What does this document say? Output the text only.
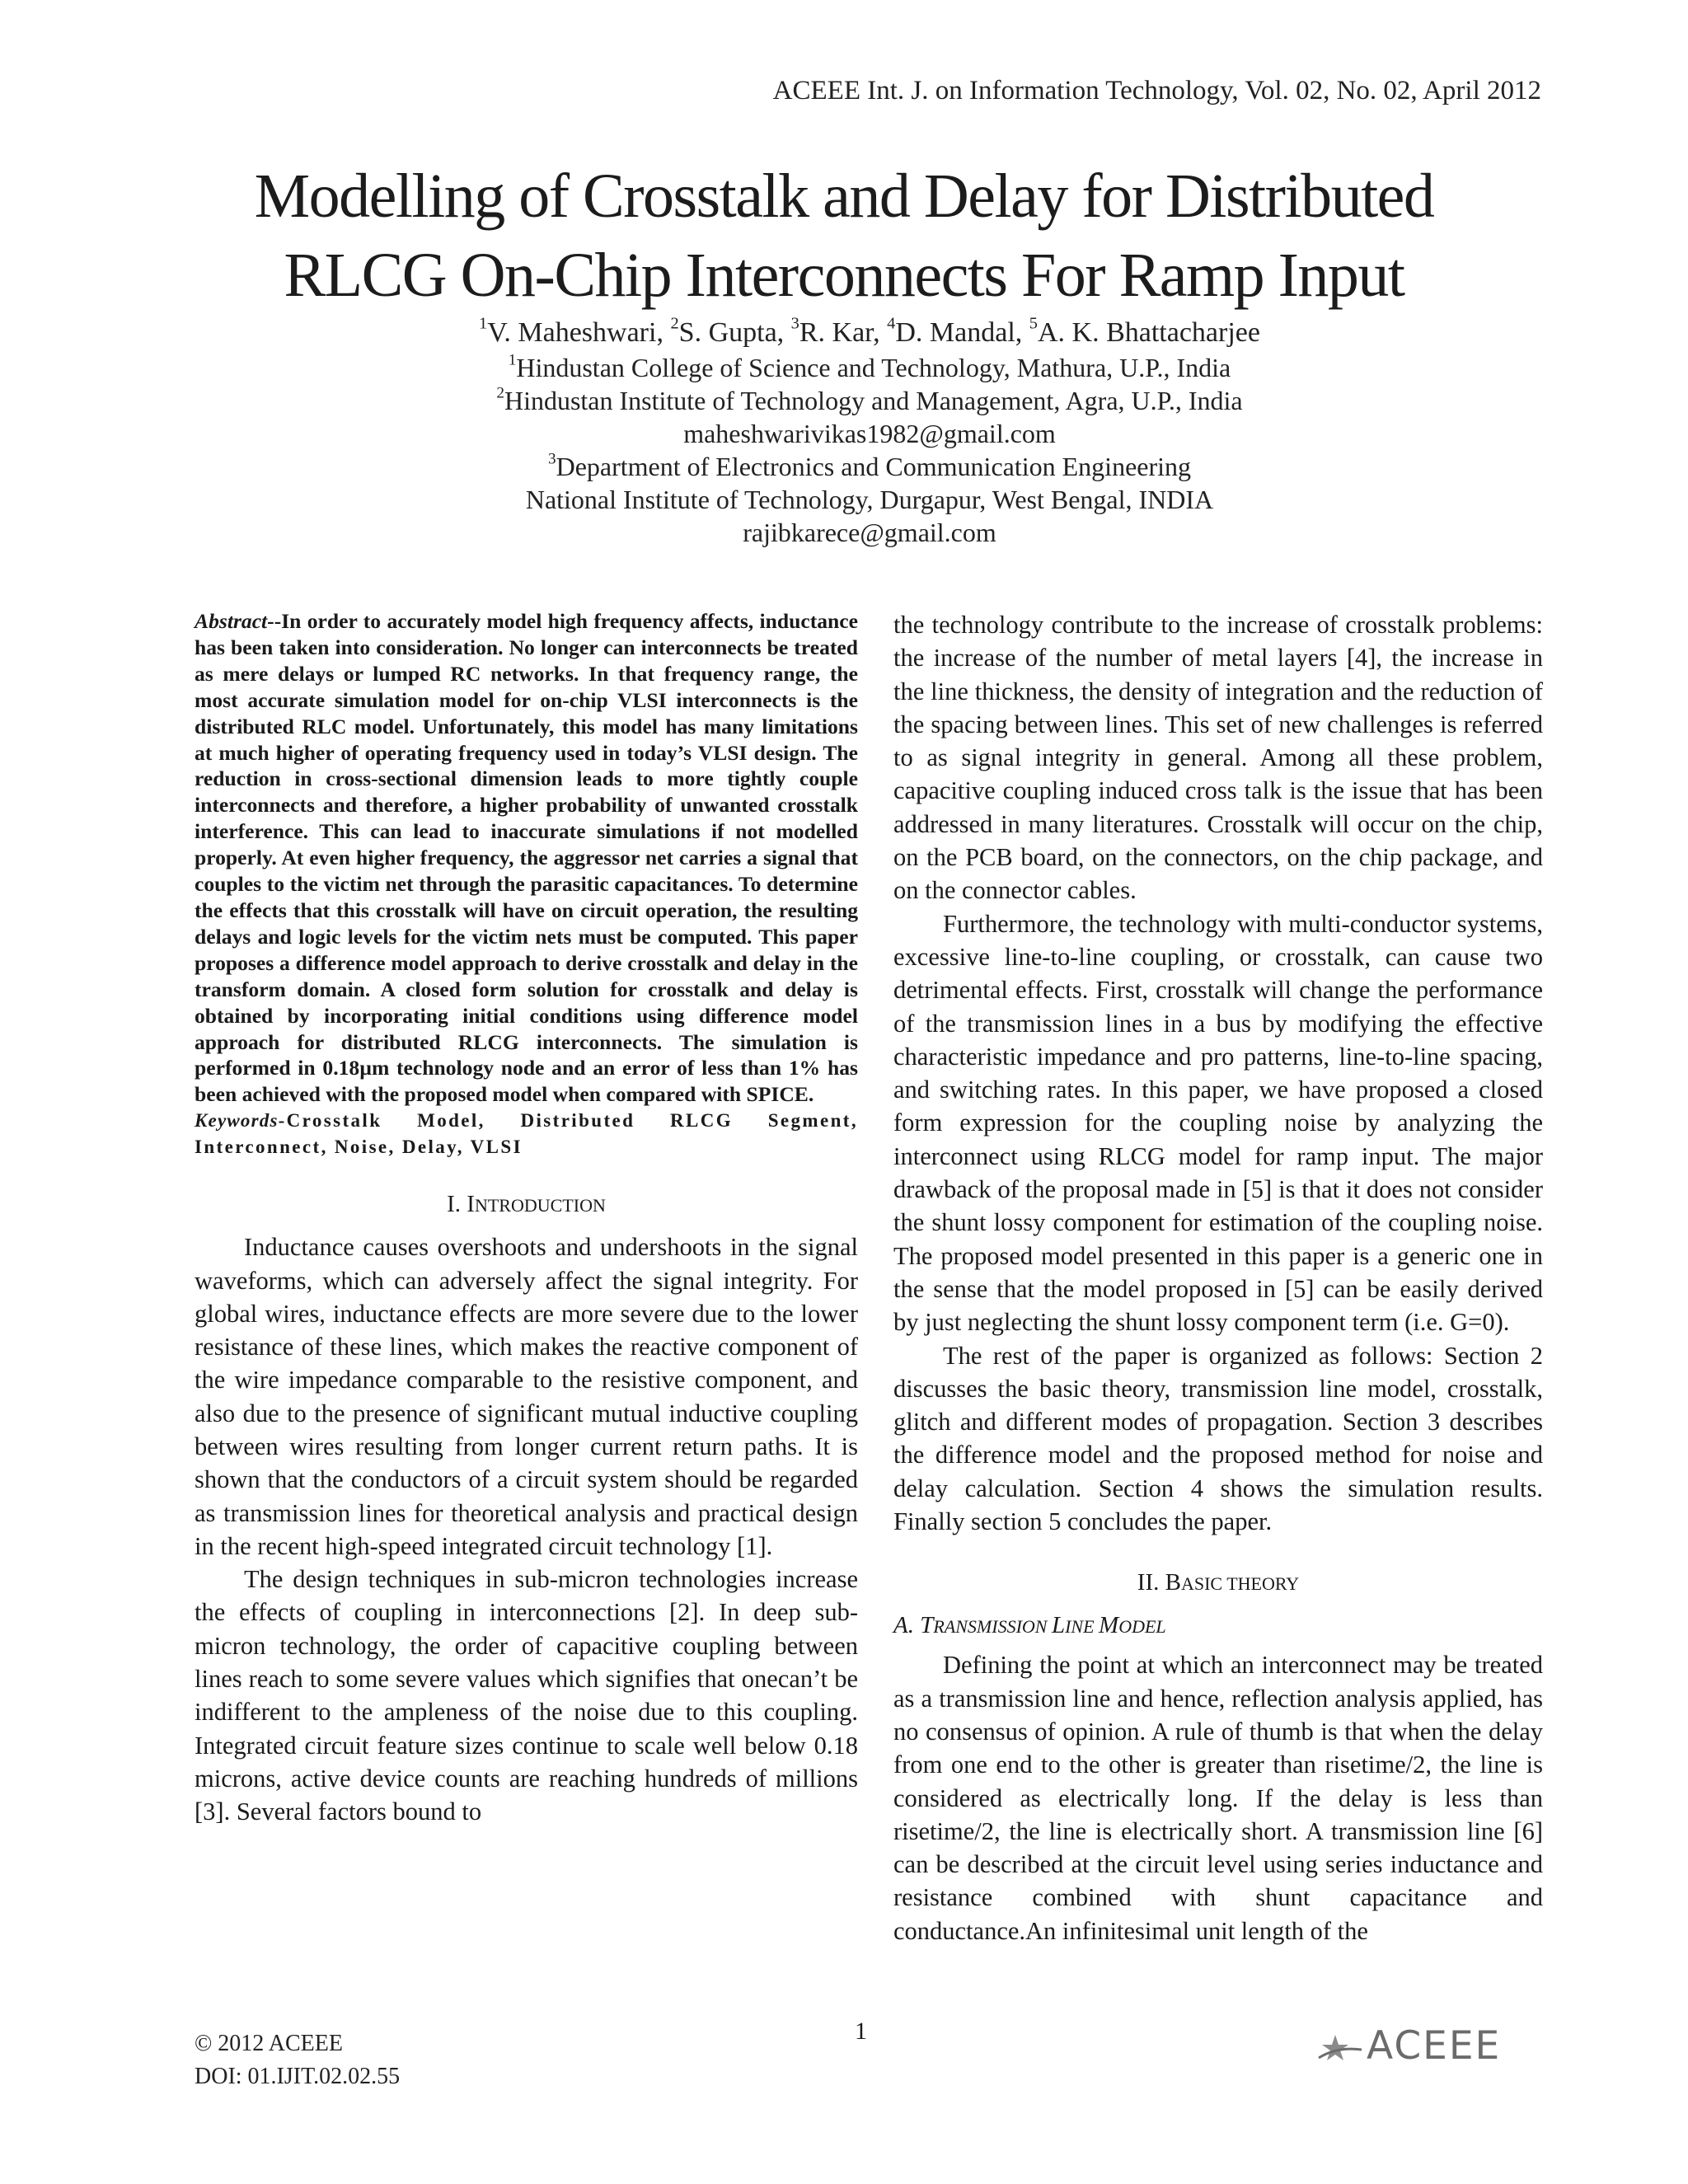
ACEEE Int. J. on Information Technology, Vol. 02, No. 02, April 2012
Modelling of Crosstalk and Delay for Distributed
RLCG On-Chip Interconnects For Ramp Input
$^1$V. Maheshwari, $^2$S. Gupta, $^3$R. Kar, $^4$D. Mandal, $^5$A. K. Bhattacharjee
$^1$Hindustan College of Science and Technology, Mathura, U.P., India
$^2$Hindustan Institute of Technology and Management, Agra, U.P., India
maheshwarivikas1982@gmail.com
$^3$Department of Electronics and Communication Engineering
National Institute of Technology, Durgapur, West Bengal, INDIA
rajibkarece@gmail.com

Abstract--In order to accurately model high frequency affects, inductance has been taken into consideration. No longer can interconnects be treated as mere delays or lumped RC networks. In that frequency range, the most accurate simulation model for on-chip VLSI interconnects is the distributed RLC model. Unfortunately, this model has many limitations at much higher of operating frequency used in today’s VLSI design. The reduction in cross-sectional dimension leads to more tightly couple interconnects and therefore, a higher probability of unwanted crosstalk interference. This can lead to inaccurate simulations if not modelled properly. At even higher frequency, the aggressor net carries a signal that couples to the victim net through the parasitic capacitances. To determine the effects that this crosstalk will have on circuit operation, the resulting delays and logic levels for the victim nets must be computed. This paper proposes a difference model approach to derive crosstalk and delay in the transform domain. A closed form solution for crosstalk and delay is obtained by incorporating initial conditions using difference model approach for distributed RLCG interconnects. The simulation is performed in 0.18µm technology node and an error of less than 1% has been achieved with the proposed model when compared with SPICE.

Keywords-Crosstalk Model, Distributed RLCG Segment, Interconnect, Noise, Delay, VLSI

I. INTRODUCTION

Inductance causes overshoots and undershoots in the signal waveforms, which can adversely affect the signal integrity. For global wires, inductance effects are more severe due to the lower resistance of these lines, which makes the reactive component of the wire impedance comparable to the resistive component, and also due to the presence of significant mutual inductive coupling between wires resulting from longer current return paths. It is shown that the conductors of a circuit system should be regarded as transmission lines for theoretical analysis and practical design in the recent high-speed integrated circuit technology [1].

The design techniques in sub-micron technologies increase the effects of coupling in interconnections [2]. In deep sub-micron technology, the order of capacitive coupling between lines reach to some severe values which signifies that onecan’t be indifferent to the ampleness of the noise due to this coupling. Integrated circuit feature sizes continue to scale well below 0.18 microns, active device counts are reaching hundreds of millions [3]. Several factors bound to

the technology contribute to the increase of crosstalk problems: the increase of the number of metal layers [4], the increase in the line thickness, the density of integration and the reduction of the spacing between lines. This set of new challenges is referred to as signal integrity in general. Among all these problem, capacitive coupling induced cross talk is the issue that has been addressed in many literatures. Crosstalk will occur on the chip, on the PCB board, on the connectors, on the chip package, and on the connector cables.

Furthermore, the technology with multi-conductor systems, excessive line-to-line coupling, or crosstalk, can cause two detrimental effects. First, crosstalk will change the performance of the transmission lines in a bus by modifying the effective characteristic impedance and pro patterns, line-to-line spacing, and switching rates. In this paper, we have proposed a closed form expression for the coupling noise by analyzing the interconnect using RLCG model for ramp input. The major drawback of the proposal made in [5] is that it does not consider the shunt lossy component for estimation of the coupling noise. The proposed model presented in this paper is a generic one in the sense that the model proposed in [5] can be easily derived by just neglecting the shunt lossy component term (i.e. G=0).

The rest of the paper is organized as follows: Section 2 discusses the basic theory, transmission line model, crosstalk, glitch and different modes of propagation. Section 3 describes the difference model and the proposed method for noise and delay calculation. Section 4 shows the simulation results. Finally section 5 concludes the paper.

II. BASIC THEORY
A. TRANSMISSION LINE MODEL

Defining the point at which an interconnect may be treated as a transmission line and hence, reflection analysis applied, has no consensus of opinion. A rule of thumb is that when the delay from one end to the other is greater than risetime/2, the line is considered as electrically long. If the delay is less than risetime/2, the line is electrically short. A transmission line [6] can be described at the circuit level using series inductance and resistance combined with shunt capacitance and conductance.An infinitesimal unit length of the

1
© 2012 ACEEE
DOI: 01.IJIT.02.02.55
ACEEE
